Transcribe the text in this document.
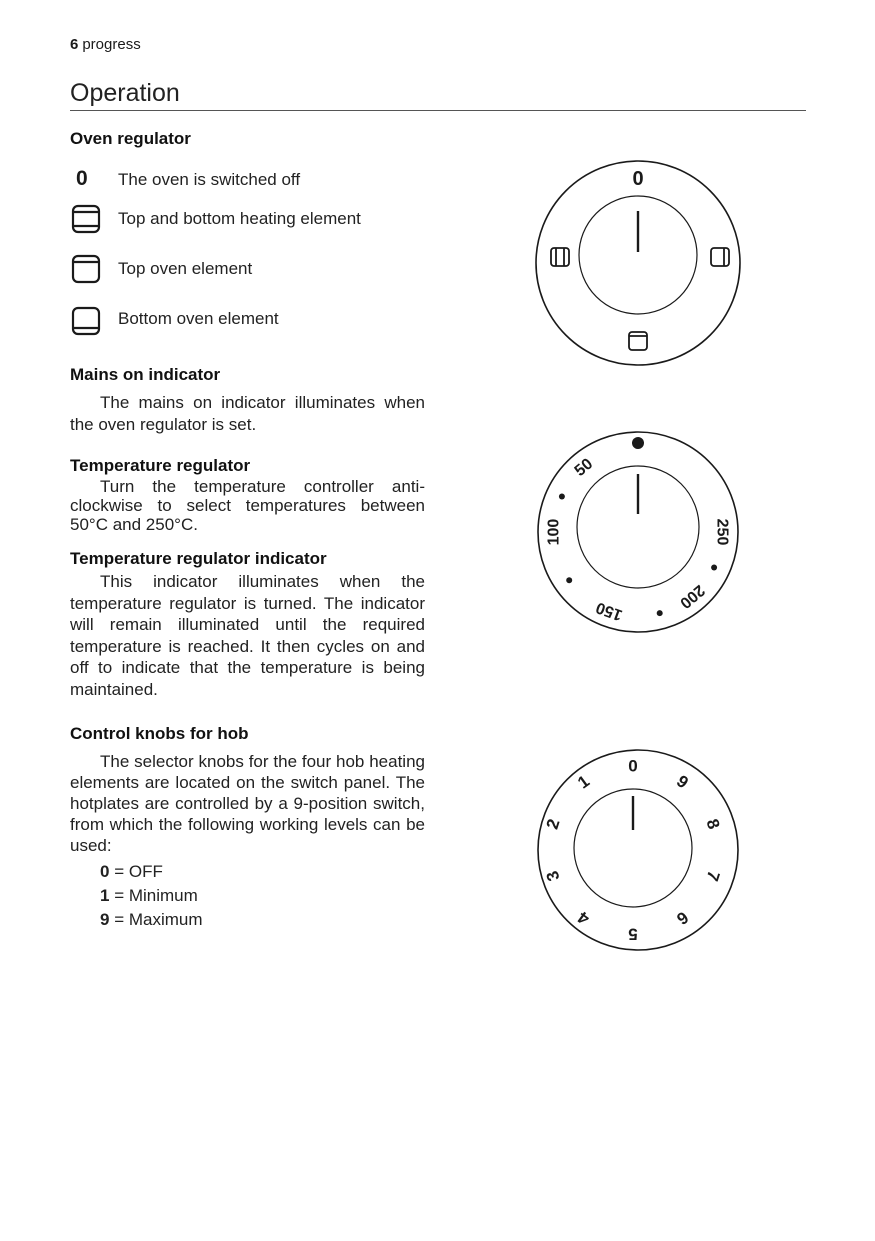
6 progress
Operation
Oven regulator
0 The oven is switched off
Top and bottom heating element
Top oven element
Bottom oven element
Mains on indicator
The mains on indicator illuminates when the oven regulator is set.
Temperature regulator
Turn the temperature controller anti-clockwise to select temperatures between 50°C and 250°C.
Temperature regulator indicator
This indicator illuminates when the temperature regulator is turned. The indicator will remain illuminated until the required temperature is reached. It then cycles on and off to indicate that the temperature is being maintained.
Control knobs for hob
The selector knobs for the four hob heating elements are located on the switch panel. The hotplates are controlled by a 9-position switch, from which the following working levels can be used:
0 = OFF
1 = Minimum
9 = Maximum
0
50
100
150	200
250
0
1
2
3
4
5
6
7
8
9
